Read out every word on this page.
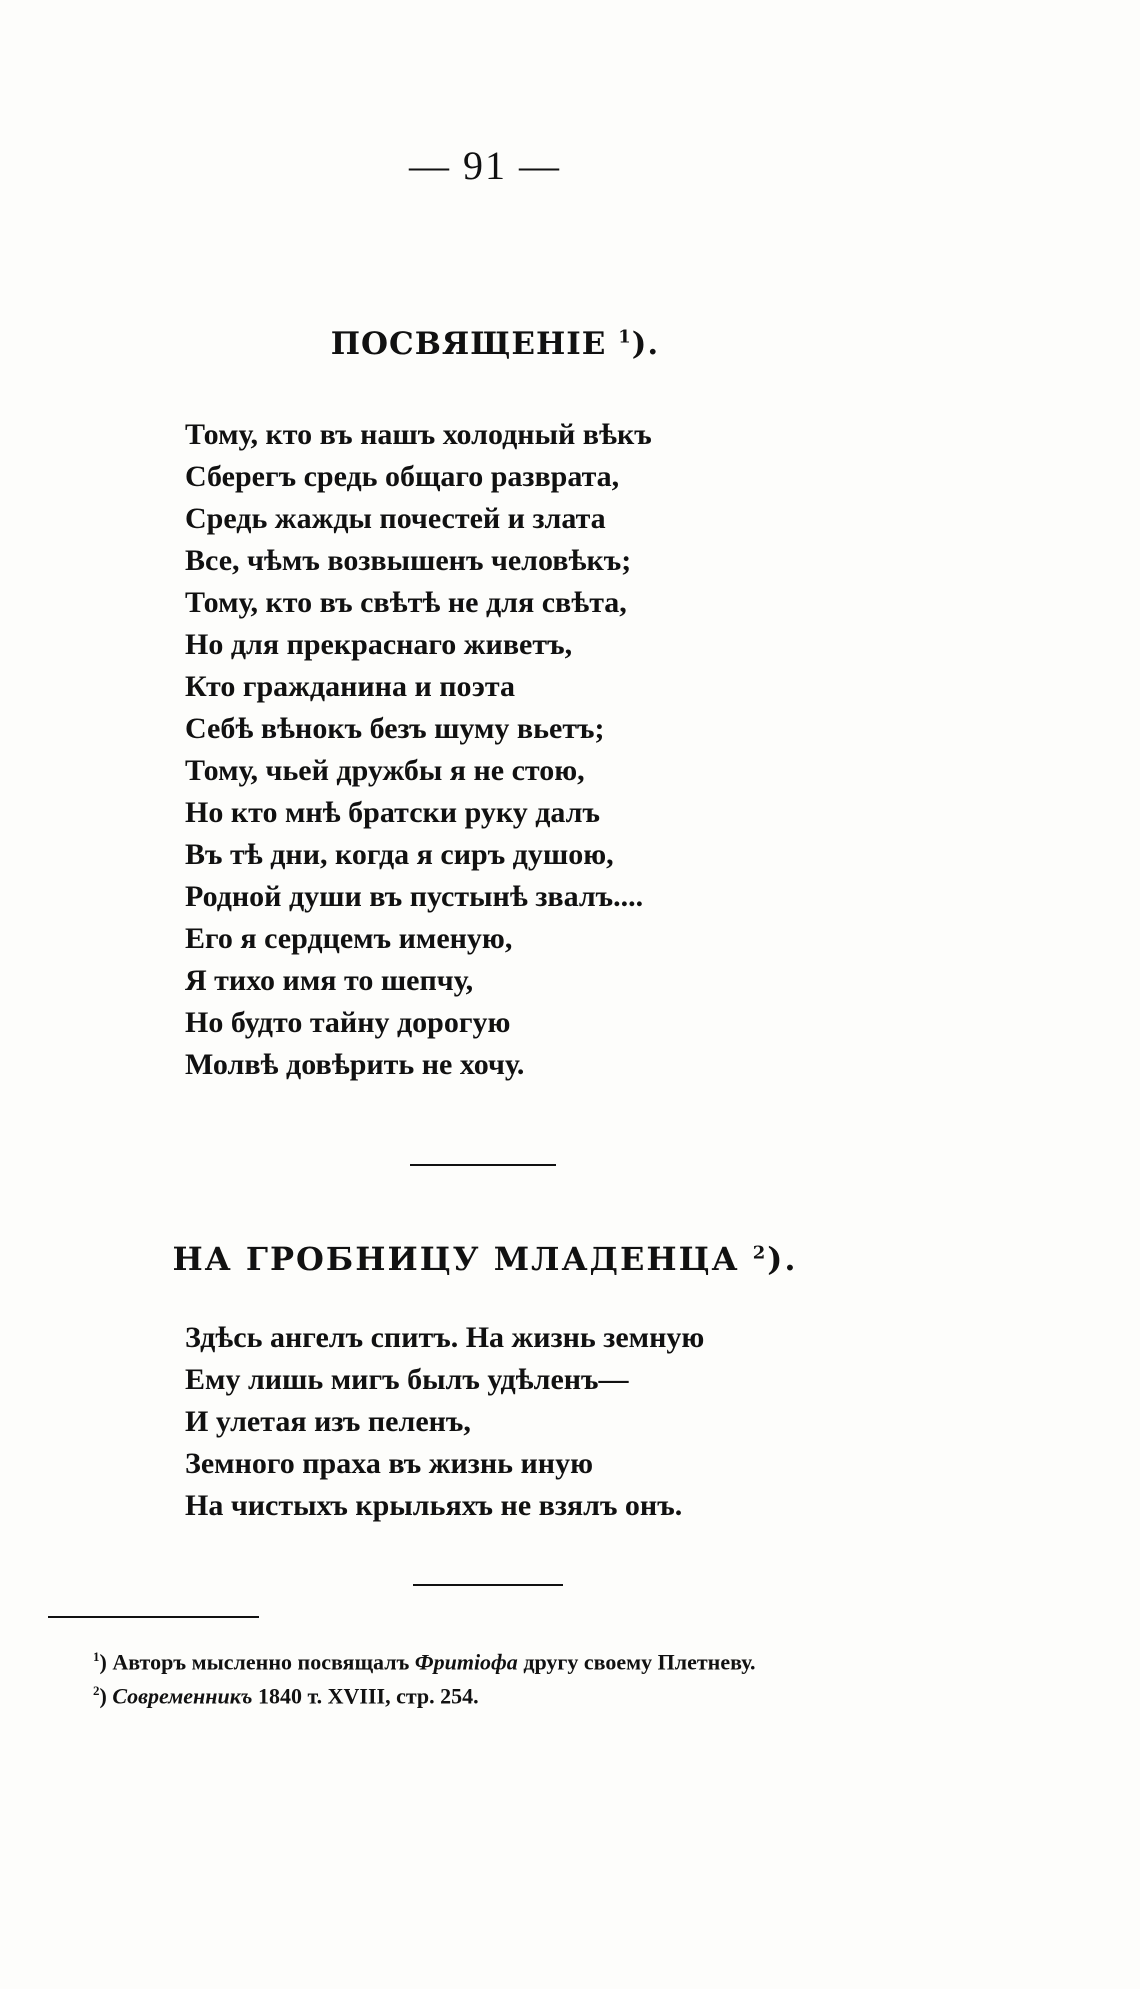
— 91 —
ПОСВЯЩЕНІЕ $^1$).
Тому, кто въ нашъ холодный вѣкъ
Сберегъ средь общаго разврата,
Средь жажды почестей и злата
Все, чѣмъ возвышенъ человѣкъ;
Тому, кто въ свѣтѣ не для свѣта,
Но для прекраснаго живетъ,
Кто гражданина и поэта
Себѣ вѣнокъ безъ шуму вьетъ;
Тому, чьей дружбы я не стою,
Но кто мнѣ братски руку далъ
Въ тѣ дни, когда я сиръ душою,
Родной души въ пустынѣ звалъ....
Его я сердцемъ именую,
Я тихо имя то шепчу,
Но будто тайну дорогую
Молвѣ довѣрить не хочу.
НА ГРОБНИЦУ МЛАДЕНЦА $^2$).
Здѣсь ангелъ спитъ. На жизнь земную
Ему лишь мигъ былъ удѣленъ—
И улетая изъ пеленъ,
Земного праха въ жизнь иную
На чистыхъ крыльяхъ не взялъ онъ.
$^1$) Авторъ мысленно посвящалъ Фритіофа другу своему Плетневу.
$^2$) Современникъ 1840 т. XVIII, стр. 254.
